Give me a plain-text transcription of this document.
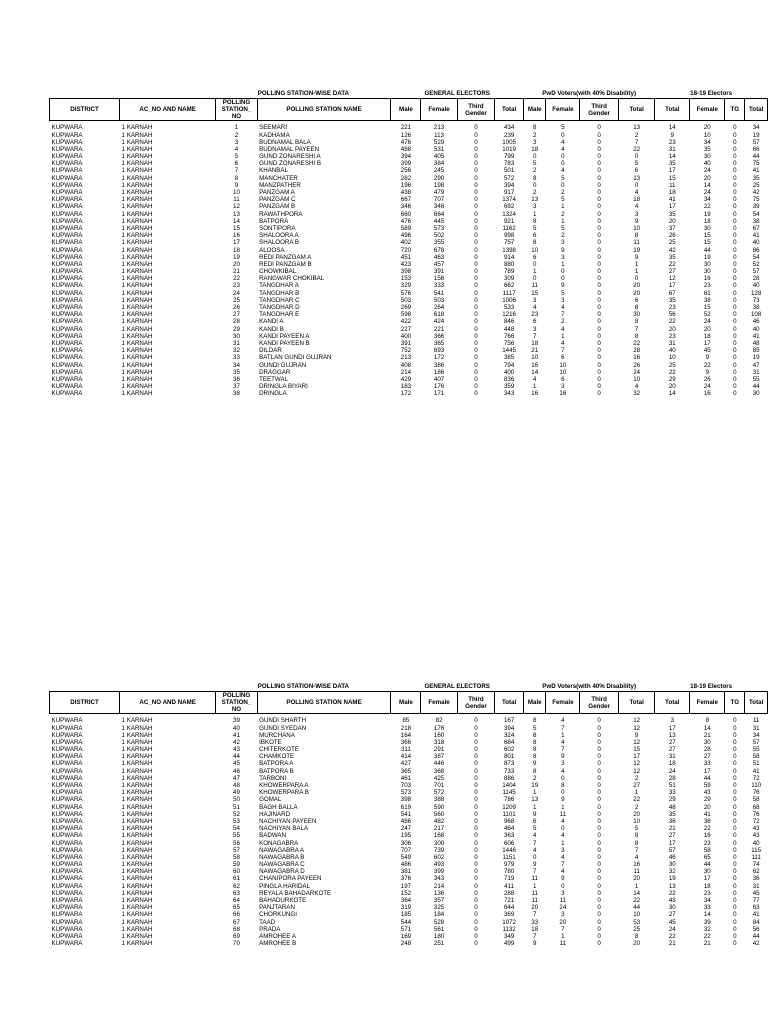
		POLLING STATION-WISE DATA		GENERAL ELECTORS				PwD Voters(with 40% Disability)				18-19 Electors			
DISTRICT	AC_NO AND NAME	POLLING
STATION_
NO	POLLING STATION NAME	Male	Female	Third
Gender	Total	Male	Female	Third
Gender	Total	Total	Female	TG	Total

KUPWARA	1 KARNAH	1	SEEMARI	221	213	0	434	8	5	0	13	14	20	0	34
KUPWARA	1 KARNAH	2	KADHAMA	126	113	0	239	2	0	0	2	9	10	0	19
KUPWARA	1 KARNAH	3	BUDNAMAL BALA	476	529	0	1005	3	4	0	7	23	34	0	57
KUPWARA	1 KARNAH	4	BUDNAMAL PAYEEN	488	531	0	1019	18	4	0	22	31	35	0	66
KUPWARA	1 KARNAH	5	GUND ZONARESHI A	394	405	0	799	0	0	0	0	14	30	0	44
KUPWARA	1 KARNAH	6	GUND ZONARESHI B	399	384	0	783	5	0	0	5	35	40	0	75
KUPWARA	1 KARNAH	7	KHANBAL	256	245	0	501	2	4	0	6	17	24	0	41
KUPWARA	1 KARNAH	8	MANCHATER	282	290	0	572	8	5	0	13	15	20	0	35
KUPWARA	1 KARNAH	9	MANZPATHER	196	198	0	394	0	0	0	0	11	14	0	25
KUPWARA	1 KARNAH	10	PANZGAM A	438	479	0	917	2	2	0	4	18	24	0	42
KUPWARA	1 KARNAH	11	PANZGAM C	667	707	0	1374	13	5	0	18	41	34	0	75
KUPWARA	1 KARNAH	12	PANZGAM B	346	346	0	692	3	1	0	4	17	22	0	39
KUPWARA	1 KARNAH	13	RAWATHPORA	660	664	0	1324	1	2	0	3	35	19	0	54
KUPWARA	1 KARNAH	14	BATPORA	476	445	0	921	8	1	0	9	20	18	0	38
KUPWARA	1 KARNAH	15	SONTIPORA	589	573	0	1162	5	5	0	10	37	30	0	67
KUPWARA	1 KARNAH	16	SHALOORA A	496	502	0	998	6	2	0	8	26	15	0	41
KUPWARA	1 KARNAH	17	SHALOORA B	402	355	0	757	8	3	0	11	25	15	0	40
KUPWARA	1 KARNAH	18	ALOOSA	720	678	0	1398	10	9	0	19	42	44	0	86
KUPWARA	1 KARNAH	19	REDI PANZGAM A	451	463	0	914	6	3	0	9	35	19	0	54
KUPWARA	1 KARNAH	20	REDI PANZGAM B	423	457	0	880	0	1	0	1	22	30	0	52
KUPWARA	1 KARNAH	21	CHOWKIBAL	398	391	0	789	1	0	0	1	27	30	0	57
KUPWARA	1 KARNAH	22	RANGWAR CHOKIBAL	153	156	0	309	0	0	0	0	12	16	0	28
KUPWARA	1 KARNAH	23	TANGDHAR A	329	333	0	662	11	9	0	20	17	23	0	40
KUPWARA	1 KARNAH	24	TANGDHAR B	576	541	0	1117	15	5	0	20	67	61	0	128
KUPWARA	1 KARNAH	25	TANGDHAR C	503	503	0	1006	3	3	0	6	35	38	0	73
KUPWARA	1 KARNAH	26	TANGDHAR D	269	264	0	533	4	4	0	8	23	15	0	38
KUPWARA	1 KARNAH	27	TANGDHAR E	598	618	0	1216	23	7	0	30	56	52	0	108
KUPWARA	1 KARNAH	28	KANDI A	422	424	0	846	6	2	0	8	22	24	0	46
KUPWARA	1 KARNAH	29	KANDI B	227	221	0	448	3	4	0	7	20	20	0	40
KUPWARA	1 KARNAH	30	KANDI PAYEEN A	400	366	0	766	7	1	0	8	23	18	0	41
KUPWARA	1 KARNAH	31	KANDI PAYEEN B	391	365	0	756	18	4	0	22	31	17	0	48
KUPWARA	1 KARNAH	32	DILDAR	752	693	0	1445	21	7	0	28	40	45	0	85
KUPWARA	1 KARNAH	33	BATLAN GUNDI GUJRAN	213	172	0	385	10	6	0	16	10	9	0	19
KUPWARA	1 KARNAH	34	GUNDI GUJRAN	408	386	0	794	16	10	0	26	25	22	0	47
KUPWARA	1 KARNAH	35	DRAGGAR	214	186	0	400	14	10	0	24	22	9	0	31
KUPWARA	1 KARNAH	36	TEETWAL	429	407	0	836	4	6	0	10	29	26	0	55
KUPWARA	1 KARNAH	37	DRINGLA BIYARI	183	176	0	359	1	3	0	4	20	24	0	44
KUPWARA	1 KARNAH	38	DRINGLA	172	171	0	343	16	16	0	32	14	16	0	30
		POLLING STATION-WISE DATA		GENERAL ELECTORS				PwD Voters(with 40% Disability)				18-19 Electors			
DISTRICT	AC_NO AND NAME	POLLING
STATION_
NO	POLLING STATION NAME	Male	Female	Third
Gender	Total	Male	Female	Third
Gender	Total	Total	Female	TG	Total

KUPWARA	1 KARNAH	39	GUNDI SHARTH	85	82	0	167	8	4	0	12	3	8	0	11
KUPWARA	1 KARNAH	40	GUNDI SYEDAN	218	176	0	394	5	7	0	12	17	14	0	31
KUPWARA	1 KARNAH	41	MURCHANA	164	160	0	324	8	1	0	9	13	21	0	34
KUPWARA	1 KARNAH	42	IBKOTE	366	318	0	684	8	4	0	12	27	30	0	57
KUPWARA	1 KARNAH	43	CHITERKOTE	311	291	0	602	8	7	0	15	27	28	0	55
KUPWARA	1 KARNAH	44	CHAMKOTE	414	387	0	801	8	9	0	17	31	27	0	58
KUPWARA	1 KARNAH	45	BATPORA A	427	446	0	873	9	3	0	12	18	33	0	51
KUPWARA	1 KARNAH	46	BATPORA B	365	368	0	733	8	4	0	12	24	17	0	41
KUPWARA	1 KARNAH	47	TARBONI	461	425	0	886	2	0	0	2	28	44	0	72
KUPWARA	1 KARNAH	48	KHOWERPARA A	703	701	0	1404	19	8	0	27	51	59	0	110
KUPWARA	1 KARNAH	49	KHOWERPARA B	573	572	0	1145	1	0	0	1	33	43	0	76
KUPWARA	1 KARNAH	50	GOMAL	398	388	0	786	13	9	0	22	29	29	0	58
KUPWARA	1 KARNAH	51	BAGH BALLA	619	590	0	1209	1	1	0	2	48	20	0	68
KUPWARA	1 KARNAH	52	HAJINARD	541	560	0	1101	9	11	0	20	35	41	0	76
KUPWARA	1 KARNAH	53	NACHIYAN PAYEEN	486	482	0	968	6	4	0	10	36	36	0	72
KUPWARA	1 KARNAH	54	NACHIYAN BALA	247	217	0	464	5	0	0	5	21	22	0	43
KUPWARA	1 KARNAH	55	BADWAN	195	168	0	363	4	4	0	8	27	16	0	43
KUPWARA	1 KARNAH	56	KONAGABRA	306	300	0	606	7	1	0	8	17	23	0	40
KUPWARA	1 KARNAH	57	NAWAGABRA A	707	739	0	1446	4	3	0	7	57	58	0	115
KUPWARA	1 KARNAH	58	NAWAGABRA B	549	602	0	1151	0	4	0	4	46	65	0	111
KUPWARA	1 KARNAH	59	NAWAGABRA C	486	493	0	979	9	7	0	16	30	44	0	74
KUPWARA	1 KARNAH	60	NAWAGABRA D	381	399	0	780	7	4	0	11	32	30	0	62
KUPWARA	1 KARNAH	61	CHANIPORA PAYEEN	376	343	0	719	11	9	0	20	19	17	0	36
KUPWARA	1 KARNAH	62	PINGLA HARIDAL	197	214	0	411	1	0	0	1	13	18	0	31
KUPWARA	1 KARNAH	63	REYALA BAHADARKOTE	152	136	0	288	11	3	0	14	22	23	0	45
KUPWARA	1 KARNAH	64	BAHADURKOTE	364	357	0	721	11	11	0	22	43	34	0	77
KUPWARA	1 KARNAH	65	PANJTARAN	319	325	0	644	20	24	0	44	30	33	0	63
KUPWARA	1 KARNAH	66	CHORKUNGI	185	184	0	369	7	3	0	10	27	14	0	41
KUPWARA	1 KARNAH	67	TAAD	544	528	0	1072	33	20	0	53	45	39	0	84
KUPWARA	1 KARNAH	68	PRADA	571	561	0	1132	18	7	0	25	24	32	0	56
KUPWARA	1 KARNAH	69	AMROHEE A	169	180	0	349	7	1	0	8	22	22	0	44
KUPWARA	1 KARNAH	70	AMROHEE B	248	251	0	499	9	11	0	20	21	21	0	42
